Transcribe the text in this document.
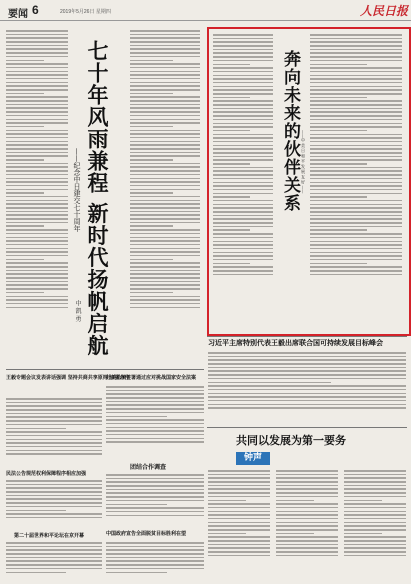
要闻 6	2019年5月26日 星期四	人民日报
七十年风雨兼程 新时代扬帆启航
——纪念中日建交七十周年
中 凯 勇
奔向未来的伙伴关系 ——中 美 日 和 平 发 展 友 好 ——
习近平主席特别代表王毅出席联合国可持续发展目标峰会
共同以发展为第一要务
钟声
王毅专题会议发表讲话强调 坚持共商共享原则 加强合作
民法公告规范权利保障程序相应加强
第二十届世界和平论坛在京开幕
赴美总统签署通过应对挑战国家安全法案
团结合作调查
中国政府宣告全面脱贫目标胜利在望
